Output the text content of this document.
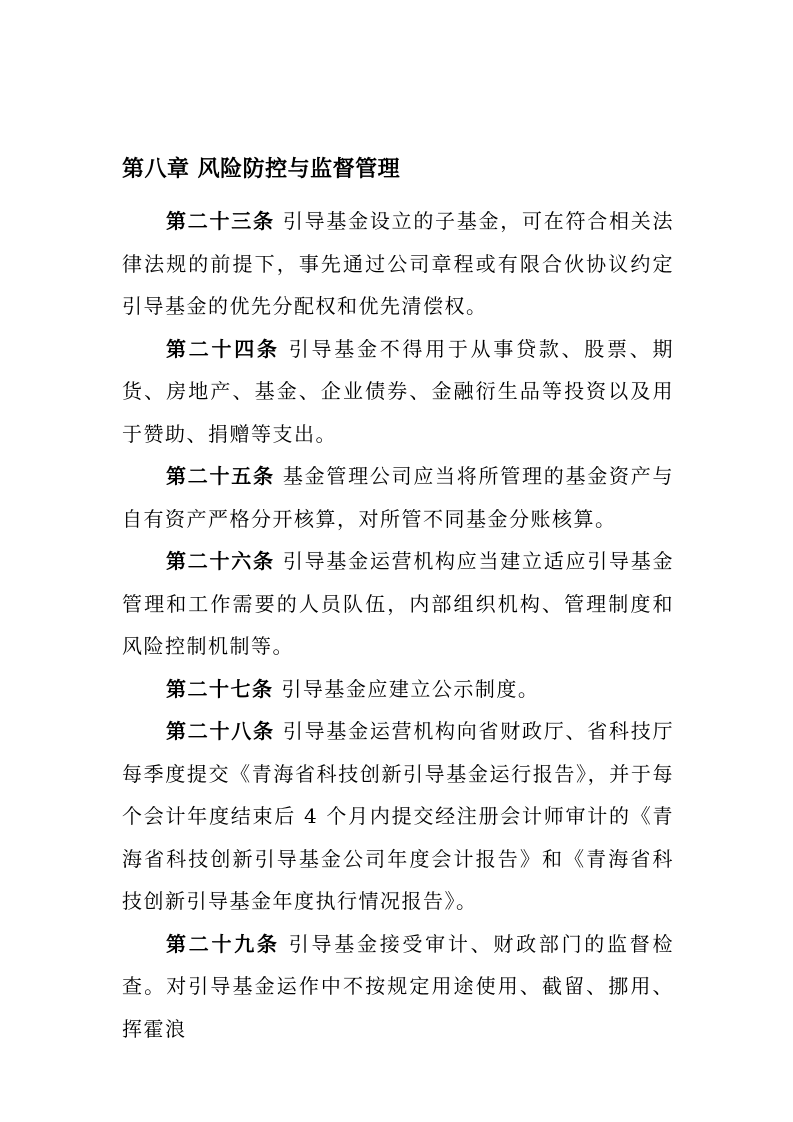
第八章 风险防控与监督管理

第二十三条 引导基金设立的子基金，可在符合相关法律法规的前提下，事先通过公司章程或有限合伙协议约定引导基金的优先分配权和优先清偿权。

第二十四条 引导基金不得用于从事贷款、股票、期货、房地产、基金、企业债券、金融衍生品等投资以及用于赞助、捐赠等支出。

第二十五条 基金管理公司应当将所管理的基金资产与自有资产严格分开核算，对所管不同基金分账核算。

第二十六条 引导基金运营机构应当建立适应引导基金管理和工作需要的人员队伍，内部组织机构、管理制度和风险控制机制等。

第二十七条 引导基金应建立公示制度。

第二十八条 引导基金运营机构向省财政厅、省科技厅每季度提交《青海省科技创新引导基金运行报告》，并于每个会计年度结束后 4 个月内提交经注册会计师审计的《青海省科技创新引导基金公司年度会计报告》和《青海省科技创新引导基金年度执行情况报告》。

第二十九条 引导基金接受审计、财政部门的监督检查。对引导基金运作中不按规定用途使用、截留、挪用、挥霍浪
